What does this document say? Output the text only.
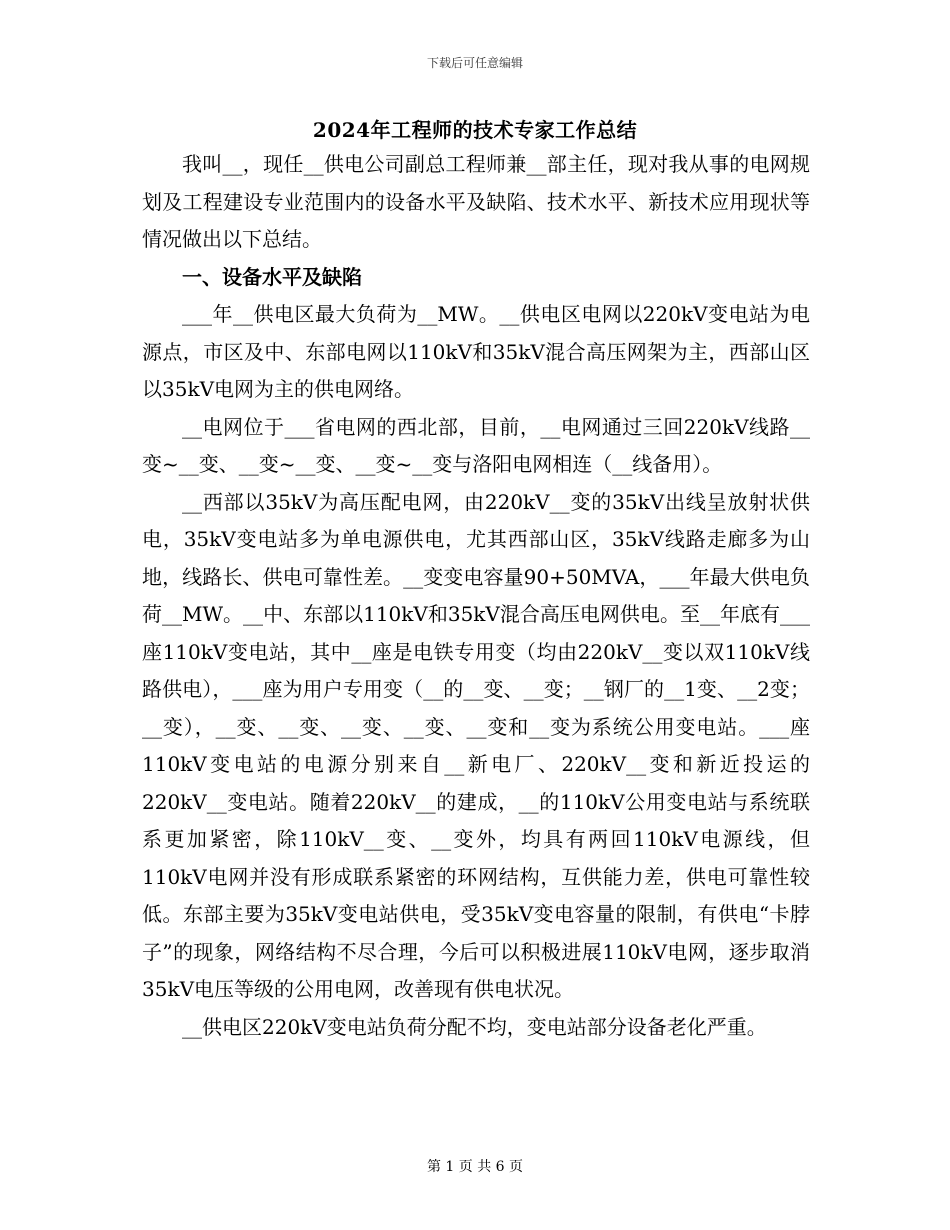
下载后可任意编辑
2024年工程师的技术专家工作总结

我叫__，现任__供电公司副总工程师兼__部主任，现对我从事的电网规划及工程建设专业范围内的设备水平及缺陷、技术水平、新技术应用现状等情况做出以下总结。

一、设备水平及缺陷

___年__供电区最大负荷为__MW。__供电区电网以220kV变电站为电源点，市区及中、东部电网以110kV和35kV混合高压网架为主，西部山区以35kV电网为主的供电网络。

__电网位于___省电网的西北部，目前，__电网通过三回220kV线路__变~__变、__变~__变、__变~__变与洛阳电网相连（__线备用）。

__西部以35kV为高压配电网，由220kV__变的35kV出线呈放射状供电，35kV变电站多为单电源供电，尤其西部山区，35kV线路走廊多为山地，线路长、供电可靠性差。__变变电容量90+50MVA，___年最大供电负荷__MW。__中、东部以110kV和35kV混合高压电网供电。至__年底有___座110kV变电站，其中__座是电铁专用变（均由220kV__变以双110kV线路供电），___座为用户专用变（__的__变、__变；__钢厂的__1变、__2变；__变），__变、__变、__变、__变、__变和__变为系统公用变电站。___座110kV变电站的电源分别来自__新电厂、220kV__变和新近投运的220kV__变电站。随着220kV__的建成，__的110kV公用变电站与系统联系更加紧密，除110kV__变、__变外，均具有两回110kV电源线，但110kV电网并没有形成联系紧密的环网结构，互供能力差，供电可靠性较低。东部主要为35kV变电站供电，受35kV变电容量的限制，有供电“卡脖子”的现象，网络结构不尽合理，今后可以积极进展110kV电网，逐步取消35kV电压等级的公用电网，改善现有供电状况。

__供电区220kV变电站负荷分配不均，变电站部分设备老化严重。

第 1 页 共 6 页
